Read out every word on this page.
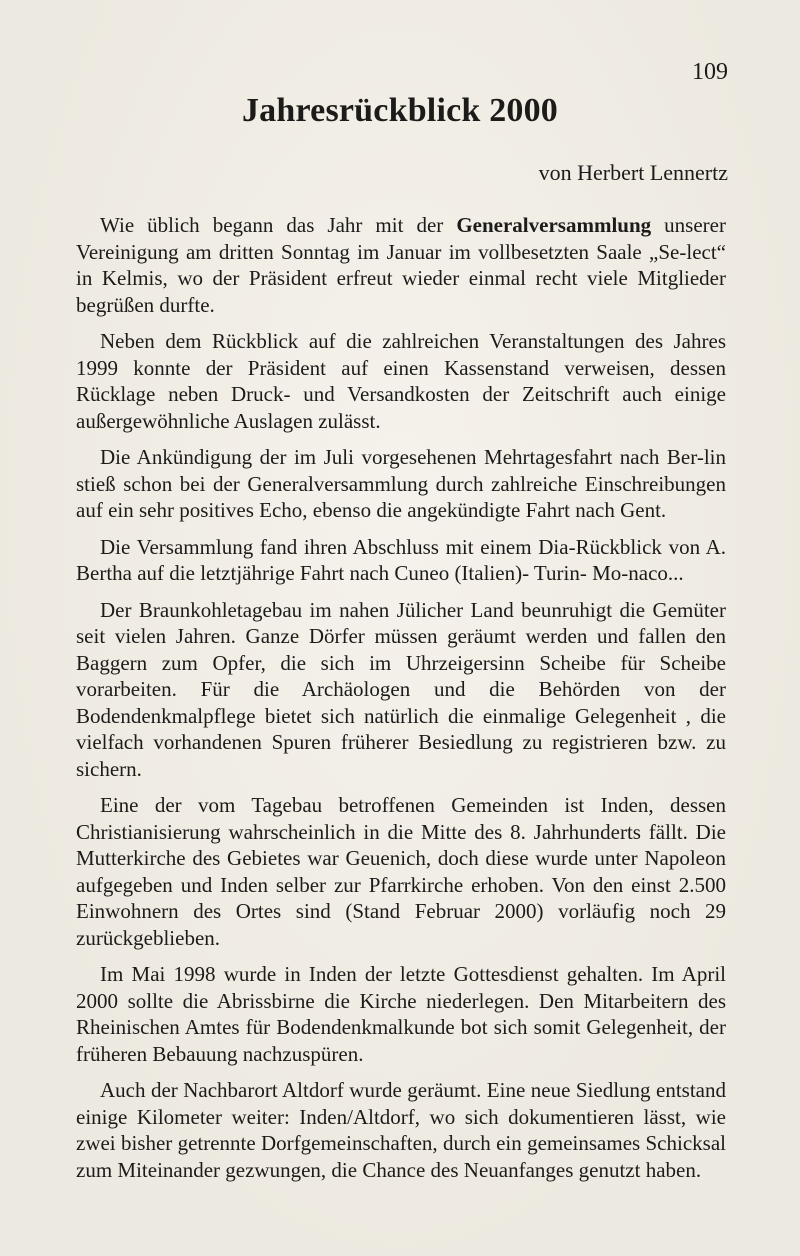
109
Jahresrückblick 2000
von Herbert Lennertz

Wie üblich begann das Jahr mit der Generalversammlung unserer Vereinigung am dritten Sonntag im Januar im vollbesetzten Saale „Se-lect“ in Kelmis, wo der Präsident erfreut wieder einmal recht viele Mitglieder begrüßen durfte.

Neben dem Rückblick auf die zahlreichen Veranstaltungen des Jahres 1999 konnte der Präsident auf einen Kassenstand verweisen, dessen Rücklage neben Druck- und Versandkosten der Zeitschrift auch einige außergewöhnliche Auslagen zulässt.

Die Ankündigung der im Juli vorgesehenen Mehrtagesfahrt nach Ber-lin stieß schon bei der Generalversammlung durch zahlreiche Einschreibungen auf ein sehr positives Echo, ebenso die angekündigte Fahrt nach Gent.

Die Versammlung fand ihren Abschluss mit einem Dia-Rückblick von A. Bertha auf die letztjährige Fahrt nach Cuneo (Italien)- Turin- Mo-naco...

Der Braunkohletagebau im nahen Jülicher Land beunruhigt die Gemüter seit vielen Jahren. Ganze Dörfer müssen geräumt werden und fallen den Baggern zum Opfer, die sich im Uhrzeigersinn Scheibe für Scheibe vorarbeiten. Für die Archäologen und die Behörden von der Bodendenkmalpflege bietet sich natürlich die einmalige Gelegenheit , die vielfach vorhandenen Spuren früherer Besiedlung zu registrieren bzw. zu sichern.

Eine der vom Tagebau betroffenen Gemeinden ist Inden, dessen Christianisierung wahrscheinlich in die Mitte des 8. Jahrhunderts fällt. Die Mutterkirche des Gebietes war Geuenich, doch diese wurde unter Napoleon aufgegeben und Inden selber zur Pfarrkirche erhoben. Von den einst 2.500 Einwohnern des Ortes sind (Stand Februar 2000) vorläufig noch 29 zurückgeblieben.

Im Mai 1998 wurde in Inden der letzte Gottesdienst gehalten. Im April 2000 sollte die Abrissbirne die Kirche niederlegen. Den Mitarbeitern des Rheinischen Amtes für Bodendenkmalkunde bot sich somit Gelegenheit, der früheren Bebauung nachzuspüren.

Auch der Nachbarort Altdorf wurde geräumt. Eine neue Siedlung entstand einige Kilometer weiter: Inden/Altdorf, wo sich dokumentieren lässt, wie zwei bisher getrennte Dorfgemeinschaften, durch ein gemeinsames Schicksal zum Miteinander gezwungen, die Chance des Neuanfanges genutzt haben.
